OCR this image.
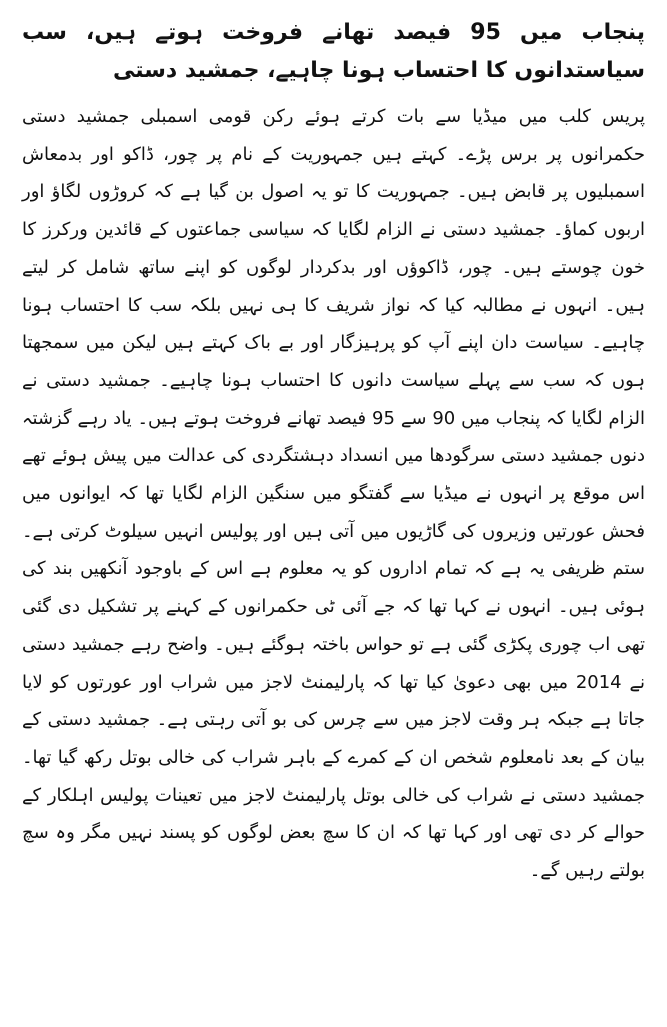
پنجاب میں 95 فیصد تھانے فروخت ہوتے ہیں، سب سیاستدانوں کا احتساب ہونا چاہیے، جمشید دستی

پریس کلب میں میڈیا سے بات کرتے ہوئے رکن قومی اسمبلی جمشید دستی حکمرانوں پر برس پڑے۔ کہتے ہیں جمہوریت کے نام پر چور، ڈاکو اور بدمعاش اسمبلیوں پر قابض ہیں۔ جمہوریت کا تو یہ اصول بن گیا ہے کہ کروڑوں لگاؤ اور اربوں کماؤ۔ جمشید دستی نے الزام لگایا کہ سیاسی جماعتوں کے قائدین ورکرز کا خون چوستے ہیں۔ چور، ڈاکوؤں اور بدکردار لوگوں کو اپنے ساتھ شامل کر لیتے ہیں۔ انہوں نے مطالبہ کیا کہ نواز شریف کا ہی نہیں بلکہ سب کا احتساب ہونا چاہیے۔ سیاست دان اپنے آپ کو پرہیزگار اور بے باک کہتے ہیں لیکن میں سمجھتا ہوں کہ سب سے پہلے سیاست دانوں کا احتساب ہونا چاہیے۔ جمشید دستی نے الزام لگایا کہ پنجاب میں 90 سے 95 فیصد تھانے فروخت ہوتے ہیں۔ یاد رہے گزشتہ دنوں جمشید دستی سرگودھا میں انسداد دہشتگردی کی عدالت میں پیش ہوئے تھے اس موقع پر انہوں نے میڈیا سے گفتگو میں سنگین الزام لگایا تھا کہ ایوانوں میں فحش عورتیں وزیروں کی گاڑیوں میں آتی ہیں اور پولیس انہیں سیلوٹ کرتی ہے۔ ستم ظریفی یہ ہے کہ تمام اداروں کو یہ معلوم ہے اس کے باوجود آنکھیں بند کی ہوئی ہیں۔ انہوں نے کہا تھا کہ جے آئی ٹی حکمرانوں کے کہنے پر تشکیل دی گئی تھی اب چوری پکڑی گئی ہے تو حواس باختہ ہوگئے ہیں۔ واضح رہے جمشید دستی نے 2014 میں بھی دعویٰ کیا تھا کہ پارلیمنٹ لاجز میں شراب اور عورتوں کو لایا جاتا ہے جبکہ ہر وقت لاجز میں سے چرس کی بو آتی رہتی ہے۔ جمشید دستی کے بیان کے بعد نامعلوم شخص ان کے کمرے کے باہر شراب کی خالی بوتل رکھ گیا تھا۔ جمشید دستی نے شراب کی خالی بوتل پارلیمنٹ لاجز میں تعینات پولیس اہلکار کے حوالے کر دی تھی اور کہا تھا کہ ان کا سچ بعض لوگوں کو پسند نہیں مگر وہ سچ بولتے رہیں گے۔
